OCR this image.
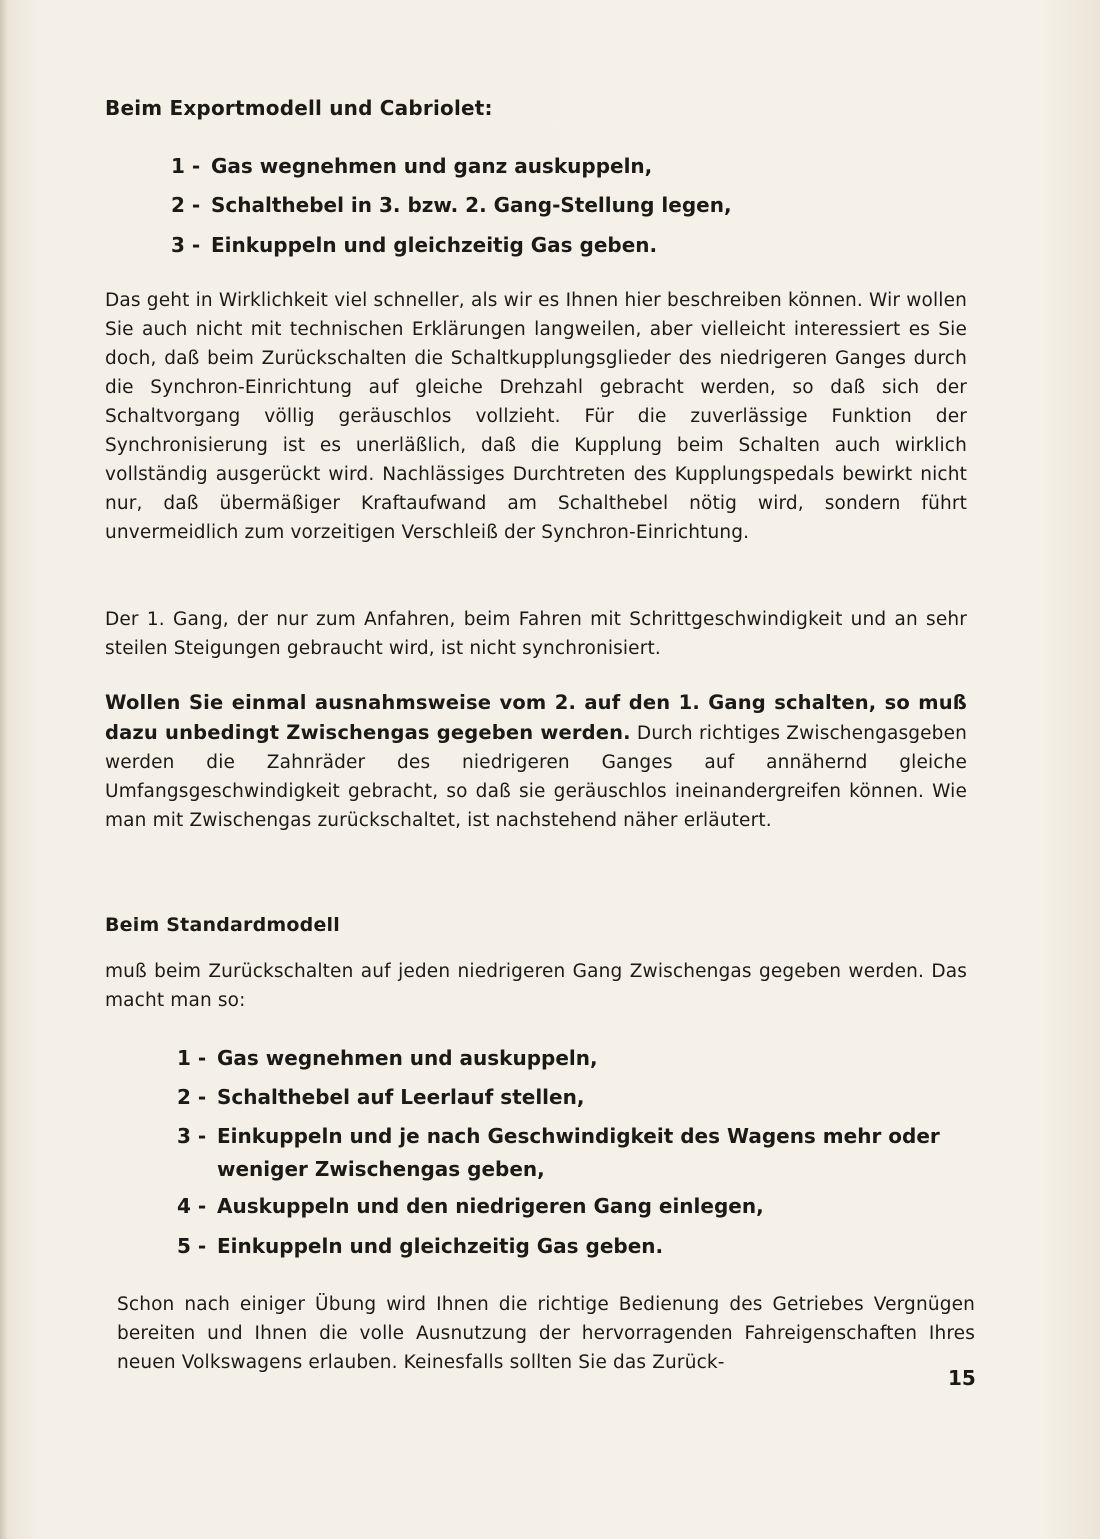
Beim Exportmodell und Cabriolet:
1 - Gas wegnehmen und ganz auskuppeln,
2 - Schalthebel in 3. bzw. 2. Gang-Stellung legen,
3 - Einkuppeln und gleichzeitig Gas geben.
Das geht in Wirklichkeit viel schneller, als wir es Ihnen hier beschreiben können. Wir wollen Sie auch nicht mit technischen Erklärungen langweilen, aber vielleicht interessiert es Sie doch, daß beim Zurückschalten die Schaltkupplungsglieder des niedrigeren Ganges durch die Synchron-Einrichtung auf gleiche Drehzahl gebracht werden, so daß sich der Schaltvorgang völlig geräuschlos vollzieht. Für die zuverlässige Funktion der Synchronisierung ist es unerläßlich, daß die Kupplung beim Schalten auch wirklich vollständig ausgerückt wird. Nachlässiges Durchtreten des Kupplungspedals bewirkt nicht nur, daß übermäßiger Kraftaufwand am Schalthebel nötig wird, sondern führt unvermeidlich zum vorzeitigen Verschleiß der Synchron-Einrichtung.
Der 1. Gang, der nur zum Anfahren, beim Fahren mit Schrittgeschwindigkeit und an sehr steilen Steigungen gebraucht wird, ist nicht synchronisiert.
Wollen Sie einmal ausnahmsweise vom 2. auf den 1. Gang schalten, so muß dazu unbedingt Zwischengas gegeben werden. Durch richtiges Zwischengasgeben werden die Zahnräder des niedrigeren Ganges auf annähernd gleiche Umfangsgeschwindigkeit gebracht, so daß sie geräuschlos ineinandergreifen können. Wie man mit Zwischengas zurückschaltet, ist nachstehend näher erläutert.
Beim Standardmodell
muß beim Zurückschalten auf jeden niedrigeren Gang Zwischengas gegeben werden. Das macht man so:
1 - Gas wegnehmen und auskuppeln,
2 - Schalthebel auf Leerlauf stellen,
3 - Einkuppeln und je nach Geschwindigkeit des Wagens mehr oder weniger Zwischengas geben,
4 - Auskuppeln und den niedrigeren Gang einlegen,
5 - Einkuppeln und gleichzeitig Gas geben.
Schon nach einiger Übung wird Ihnen die richtige Bedienung des Getriebes Vergnügen bereiten und Ihnen die volle Ausnutzung der hervorragenden Fahreigenschaften Ihres neuen Volkswagens erlauben. Keinesfalls sollten Sie das Zurück-
15
